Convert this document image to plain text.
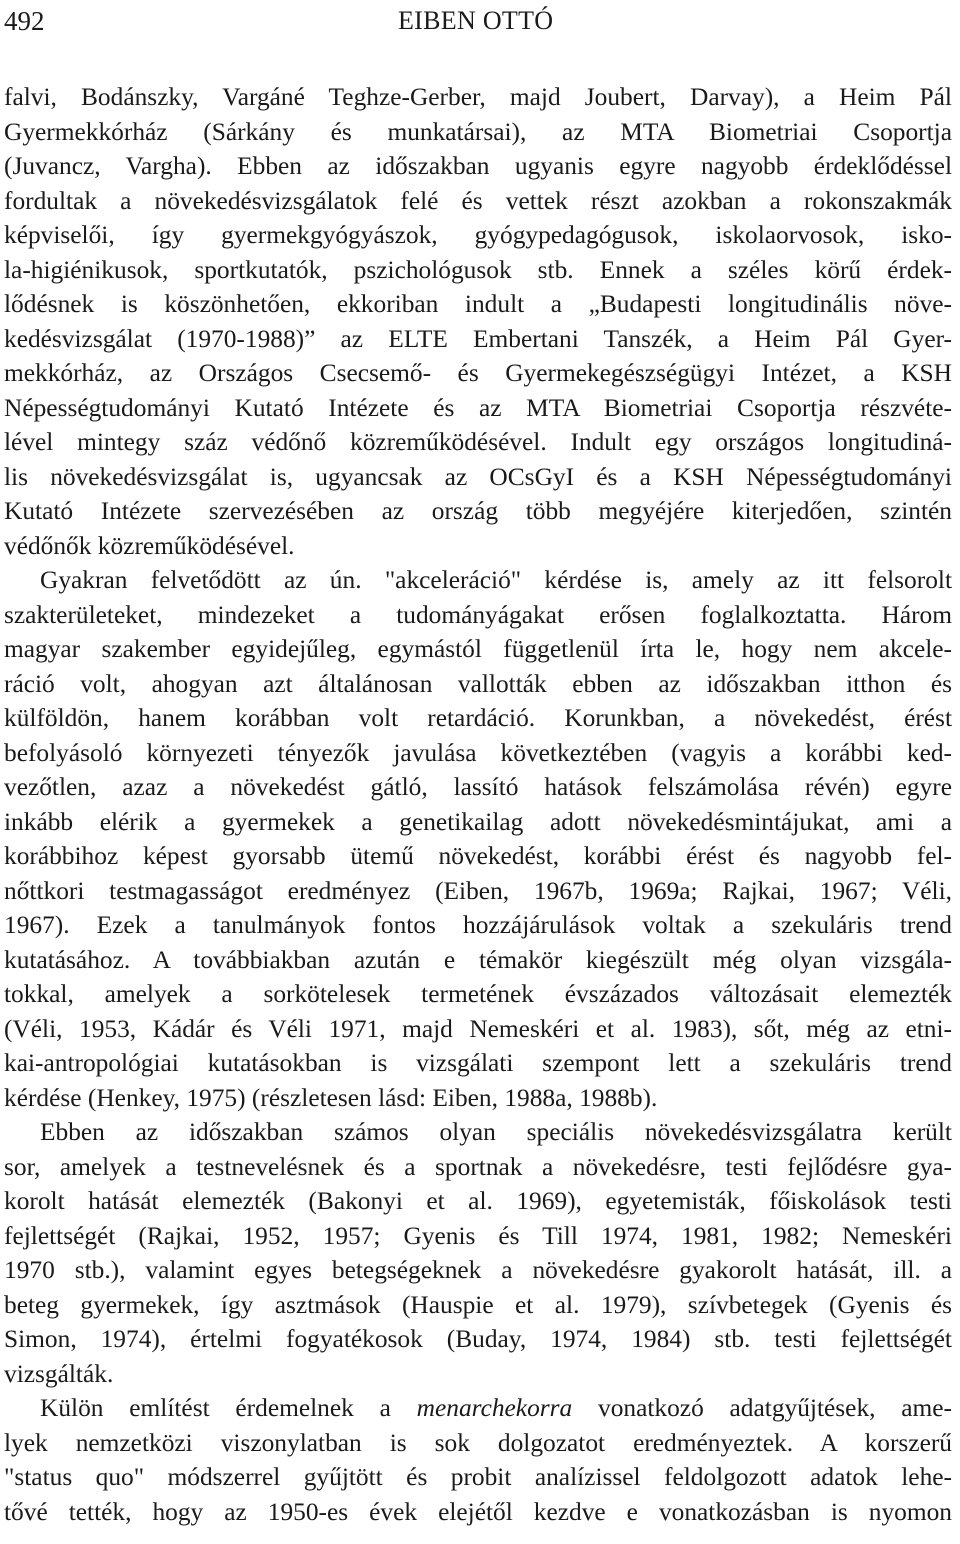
492	EIBEN OTTÓ
falvi, Bodánszky, Vargáné Teghze-Gerber, majd Joubert, Darvay), a Heim Pál
Gyermekkórház (Sárkány és munkatársai), az MTA Biometriai Csoportja
(Juvancz, Vargha). Ebben az időszakban ugyanis egyre nagyobb érdeklődéssel
fordultak a növekedésvizsgálatok felé és vettek részt azokban a rokonszakmák
képviselői, így gyermekgyógyászok, gyógypedagógusok, iskolaorvosok, isko-
la-higiénikusok, sportkutatók, pszichológusok stb. Ennek a széles körű érdek-
lődésnek is köszönhetően, ekkoriban indult a „Budapesti longitudinális növe-
kedésvizsgálat (1970-1988)” az ELTE Embertani Tanszék, a Heim Pál Gyer-
mekkórház, az Országos Csecsemő- és Gyermekegészségügyi Intézet, a KSH
Népességtudományi Kutató Intézete és az MTA Biometriai Csoportja részvéte-
lével mintegy száz védőnő közreműködésével. Indult egy országos longitudiná-
lis növekedésvizsgálat is, ugyancsak az OCsGyI és a KSH Népességtudományi
Kutató Intézete szervezésében az ország több megyéjére kiterjedően, szintén
védőnők közreműködésével.
Gyakran felvetődött az ún. "akceleráció" kérdése is, amely az itt felsorolt
szakterületeket, mindezeket a tudományágakat erősen foglalkoztatta. Három
magyar szakember egyidejűleg, egymástól függetlenül írta le, hogy nem akcele-
ráció volt, ahogyan azt általánosan vallották ebben az időszakban itthon és
külföldön, hanem korábban volt retardáció. Korunkban, a növekedést, érést
befolyásoló környezeti tényezők javulása következtében (vagyis a korábbi ked-
vezőtlen, azaz a növekedést gátló, lassító hatások felszámolása révén) egyre
inkább elérik a gyermekek a genetikailag adott növekedésmintájukat, ami a
korábbihoz képest gyorsabb ütemű növekedést, korábbi érést és nagyobb fel-
nőttkori testmagasságot eredményez (Eiben, 1967b, 1969a; Rajkai, 1967; Véli,
1967). Ezek a tanulmányok fontos hozzájárulások voltak a szekuláris trend
kutatásához. A továbbiakban azután e témakör kiegészült még olyan vizsgála-
tokkal, amelyek a sorkötelesek termetének évszázados változásait elemezték
(Véli, 1953, Kádár és Véli 1971, majd Nemeskéri et al. 1983), sőt, még az etni-
kai-antropológiai kutatásokban is vizsgálati szempont lett a szekuláris trend
kérdése (Henkey, 1975) (részletesen lásd: Eiben, 1988a, 1988b).
Ebben az időszakban számos olyan speciális növekedésvizsgálatra került
sor, amelyek a testnevelésnek és a sportnak a növekedésre, testi fejlődésre gya-
korolt hatását elemezték (Bakonyi et al. 1969), egyetemisták, főiskolások testi
fejlettségét (Rajkai, 1952, 1957; Gyenis és Till 1974, 1981, 1982; Nemeskéri
1970 stb.), valamint egyes betegségeknek a növekedésre gyakorolt hatását, ill. a
beteg gyermekek, így asztmások (Hauspie et al. 1979), szívbetegek (Gyenis és
Simon, 1974), értelmi fogyatékosok (Buday, 1974, 1984) stb. testi fejlettségét
vizsgálták.
Külön említést érdemelnek a menarchekorra vonatkozó adatgyűjtések, ame-
lyek nemzetközi viszonylatban is sok dolgozatot eredményeztek. A korszerű
"status quo" módszerrel gyűjtött és probit analízissel feldolgozott adatok lehe-
tővé tették, hogy az 1950-es évek elejétől kezdve e vonatkozásban is nyomon
